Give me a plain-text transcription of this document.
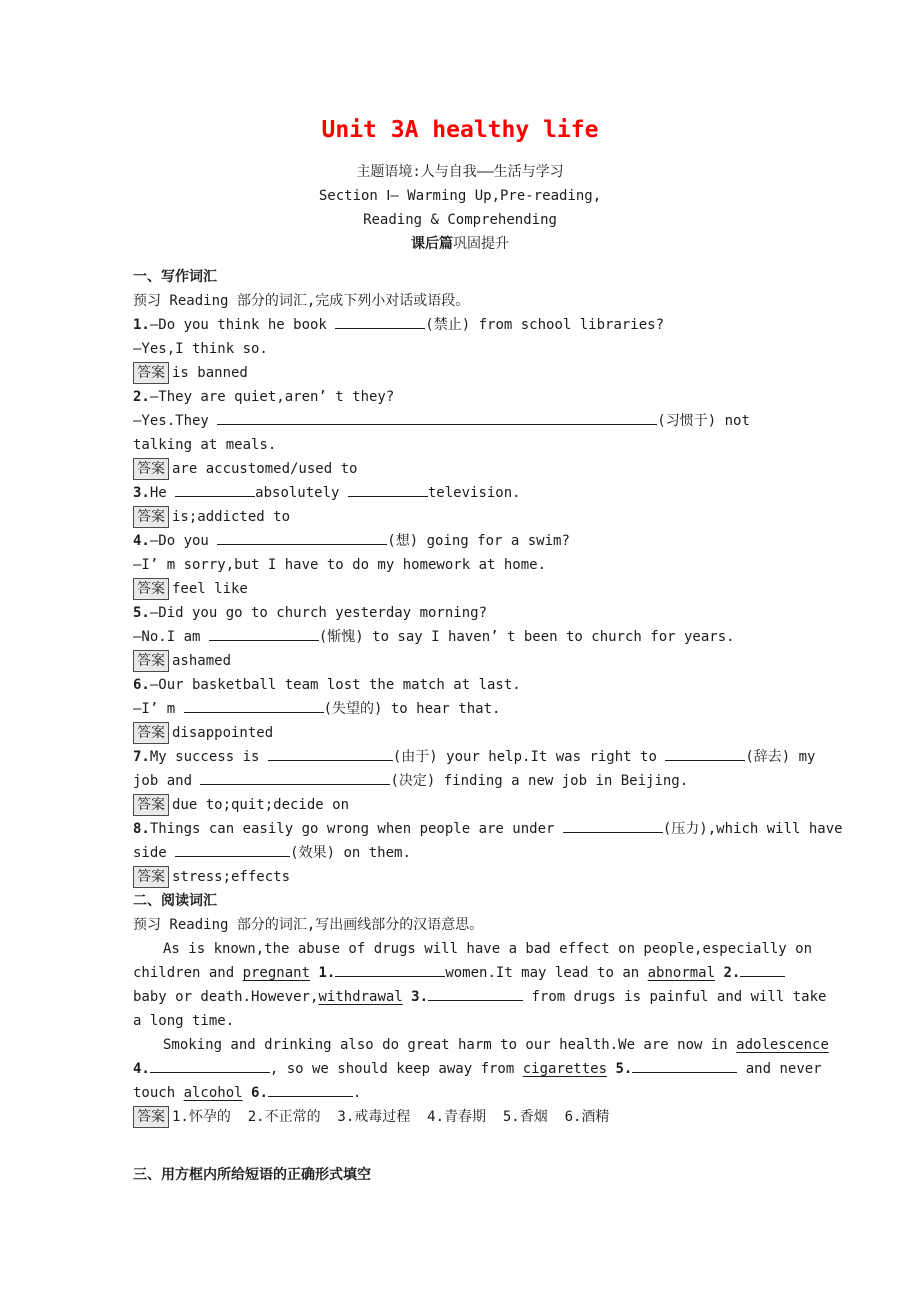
Unit 3A healthy life
主题语境:人与自我——生活与学习
Section Ⅰ— Warming Up,Pre-reading,
Reading & Comprehending
课后篇巩固提升
一、写作词汇
预习 Reading 部分的词汇,完成下列小对话或语段。
1.—Do you think he book	(禁止) from school libraries?
—Yes,I think so.
答案 is banned
2.—They are quiet,aren’ t they?
—Yes.They	(习惯于) not
talking at meals.
答案 are accustomed/used to
3.He	absolutely	television.
答案 is;addicted to
4.—Do you	(想) going for a swim?
—I’ m sorry,but I have to do my homework at home.
答案 feel like
5.—Did you go to church yesterday morning?
—No.I am	(惭愧) to say I haven’ t been to church for years.
答案 ashamed
6.—Our basketball team lost the match at last.
—I’ m	(失望的) to hear that.
答案 disappointed
7.My success is	(由于) your help.It was right to	(辞去) my
job and	(决定) finding a new job in Beijing.
答案 due to;quit;decide on
8.Things can easily go wrong when people are under	(压力),which will have
side	(效果) on them.
答案 stress;effects
二、阅读词汇
预习 Reading 部分的词汇,写出画线部分的汉语意思。
As is known,the abuse of drugs will have a bad effect on people,especially on
children and pregnant 1.	women.It may lead to an abnormal 2.
baby or death.However,withdrawal 3.	from drugs is painful and will take
a long time.
Smoking and drinking also do great harm to our health.We are now in adolescence
4.	, so we should keep away from cigarettes 5.	and never
touch alcohol 6.	.
答案 1.怀孕的  2.不正常的  3.戒毒过程  4.青春期  5.香烟  6.酒精
三、用方框内所给短语的正确形式填空
